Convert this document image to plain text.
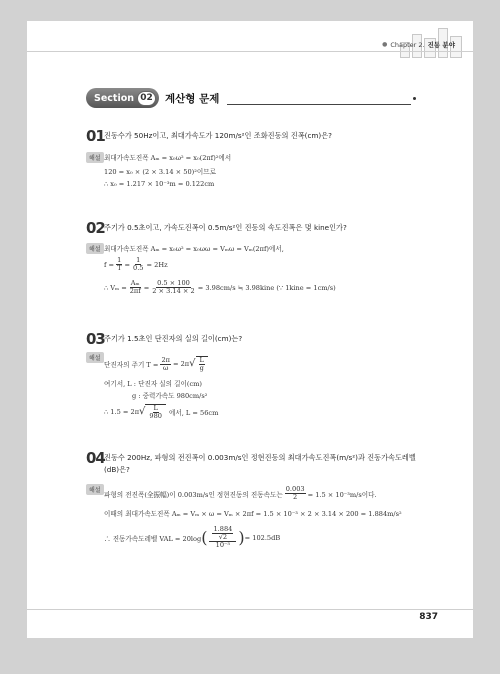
● Chapter 2. 진동 분야
Section 02	계산형 문제
01 진동수가 50Hz이고, 최대가속도가 120m/s²인 조화진동의 진폭(cm)은?
해설 최대가속도진폭 Aₘ = x₀ω² = x₀(2πf)²에서
120 = x₀ × (2 × 3.14 × 50)²이므로
∴ x₀ = 1.217 × 10⁻³m = 0.122cm
02 주기가 0.5초이고, 가속도진폭이 0.5m/s²인 진동의 속도진폭은 몇 kine인가?
해설 최대가속도진폭 Aₘ = x₀ω² = x₀ωω = Vₘω = Vₘ(2πf)에서,
$f = \frac{1}{T} = \frac{1}{0.5} = 2Hz$
∴ $V_m = \frac{\text{Aₘ}}{2\pi f} = \frac{0.5 \times 100}{2 \times 3.14 \times 2} = 3.98cm/s$ ≒ 3.98kine (∵ 1kine = 1cm/s)
03 주기가 1.5초인 단진자의 실의 길이(cm)는?
해설
단진자의 주기 $T = \frac{2\pi}{\omega} = 2\pi$ √ $\frac{L}{g}$
여기서, L : 단진자 실의 길이(cm)
g : 중력가속도 980cm/s²
∴ 1.5 = 2π √ $\frac{L}{980}$ 에서, L = 56cm
04 진동수 200Hz, 파형의 전진폭이 0.003m/s인 정현진동의 최대가속도진폭(m/s²)과 진동가속도레벨(dB)은?
해설 파형의 전진폭(全振幅)이 0.003m/s인 정현진동의 진동속도는 $\frac{0.003}{2} = 1.5 \times 10^{-3}m/s$이다.
이때의 최대가속도진폭 Aₘ = Vₘ × ω = Vₘ × 2πf = 1.5 × 10⁻³ × 2 × 3.14 × 200 = 1.884m/s²
∴ 진동가속도레벨 VAL = 20log ( $\frac{\frac{1.884}{√2}}{\text{10⁻⁵}}$ ) = 102.5dB
837
